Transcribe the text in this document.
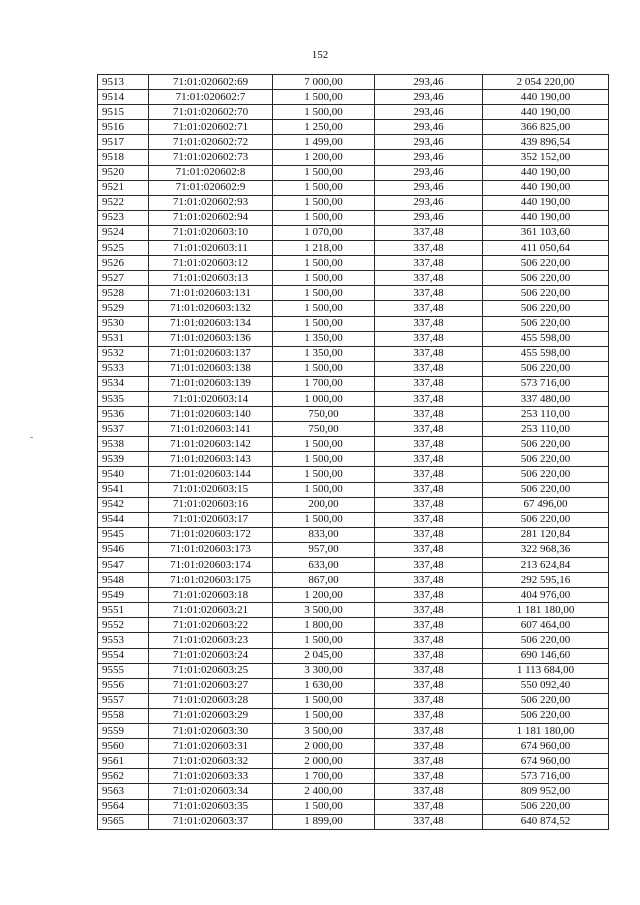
152
9513	71:01:020602:69	7 000,00	293,46	2 054 220,00
9514	71:01:020602:7	1 500,00	293,46	440 190,00
9515	71:01:020602:70	1 500,00	293,46	440 190,00
9516	71:01:020602:71	1 250,00	293,46	366 825,00
9517	71:01:020602:72	1 499,00	293,46	439 896,54
9518	71:01:020602:73	1 200,00	293,46	352 152,00
9520	71:01:020602:8	1 500,00	293,46	440 190,00
9521	71:01:020602:9	1 500,00	293,46	440 190,00
9522	71:01:020602:93	1 500,00	293,46	440 190,00
9523	71:01:020602:94	1 500,00	293,46	440 190,00
9524	71:01:020603:10	1 070,00	337,48	361 103,60
9525	71:01:020603:11	1 218,00	337,48	411 050,64
9526	71:01:020603:12	1 500,00	337,48	506 220,00
9527	71:01:020603:13	1 500,00	337,48	506 220,00
9528	71:01:020603:131	1 500,00	337,48	506 220,00
9529	71:01:020603:132	1 500,00	337,48	506 220,00
9530	71:01:020603:134	1 500,00	337,48	506 220,00
9531	71:01:020603:136	1 350,00	337,48	455 598,00
9532	71:01:020603:137	1 350,00	337,48	455 598,00
9533	71:01:020603:138	1 500,00	337,48	506 220,00
9534	71:01:020603:139	1 700,00	337,48	573 716,00
9535	71:01:020603:14	1 000,00	337,48	337 480,00
9536	71:01:020603:140	750,00	337,48	253 110,00
9537	71:01:020603:141	750,00	337,48	253 110,00
9538	71:01:020603:142	1 500,00	337,48	506 220,00
9539	71:01:020603:143	1 500,00	337,48	506 220,00
9540	71:01:020603:144	1 500,00	337,48	506 220,00
9541	71:01:020603:15	1 500,00	337,48	506 220,00
9542	71:01:020603:16	200,00	337,48	67 496,00
9544	71:01:020603:17	1 500,00	337,48	506 220,00
9545	71:01:020603:172	833,00	337,48	281 120,84
9546	71:01:020603:173	957,00	337,48	322 968,36
9547	71:01:020603:174	633,00	337,48	213 624,84
9548	71:01:020603:175	867,00	337,48	292 595,16
9549	71:01:020603:18	1 200,00	337,48	404 976,00
9551	71:01:020603:21	3 500,00	337,48	1 181 180,00
9552	71:01:020603:22	1 800,00	337,48	607 464,00
9553	71:01:020603:23	1 500,00	337,48	506 220,00
9554	71:01:020603:24	2 045,00	337,48	690 146,60
9555	71:01:020603:25	3 300,00	337,48	1 113 684,00
9556	71:01:020603:27	1 630,00	337,48	550 092,40
9557	71:01:020603:28	1 500,00	337,48	506 220,00
9558	71:01:020603:29	1 500,00	337,48	506 220,00
9559	71:01:020603:30	3 500,00	337,48	1 181 180,00
9560	71:01:020603:31	2 000,00	337,48	674 960,00
9561	71:01:020603:32	2 000,00	337,48	674 960,00
9562	71:01:020603:33	1 700,00	337,48	573 716,00
9563	71:01:020603:34	2 400,00	337,48	809 952,00
9564	71:01:020603:35	1 500,00	337,48	506 220,00
9565	71:01:020603:37	1 899,00	337,48	640 874,52
